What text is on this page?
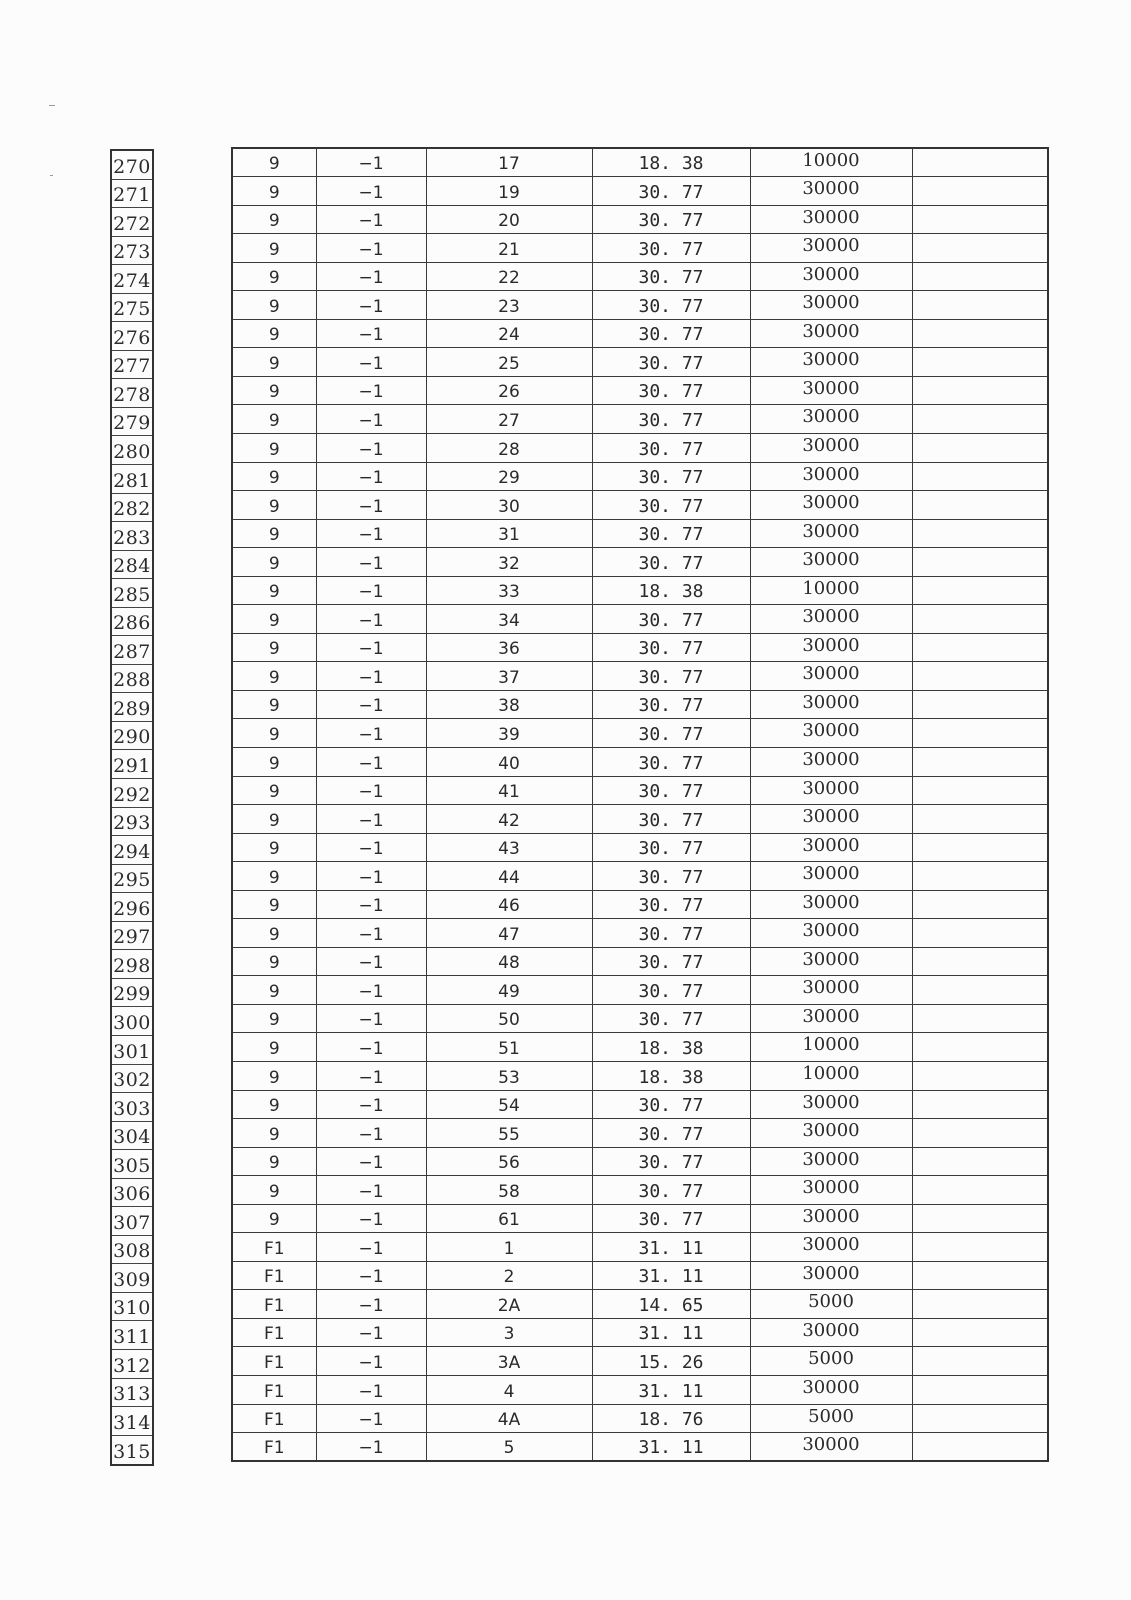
270
271
272
273
274
275
276
277
278
279
280
281
282
283
284
285
286
287
288
289
290
291
292
293
294
295
296
297
298
299
300
301
302
303
304
305
306
307
308
309
310
311
312
313
314
315
9	−1	17	18. 38	10000	
9	−1	19	30. 77	30000	
9	−1	20	30. 77	30000	
9	−1	21	30. 77	30000	
9	−1	22	30. 77	30000	
9	−1	23	30. 77	30000	
9	−1	24	30. 77	30000	
9	−1	25	30. 77	30000	
9	−1	26	30. 77	30000	
9	−1	27	30. 77	30000	
9	−1	28	30. 77	30000	
9	−1	29	30. 77	30000	
9	−1	30	30. 77	30000	
9	−1	31	30. 77	30000	
9	−1	32	30. 77	30000	
9	−1	33	18. 38	10000	
9	−1	34	30. 77	30000	
9	−1	36	30. 77	30000	
9	−1	37	30. 77	30000	
9	−1	38	30. 77	30000	
9	−1	39	30. 77	30000	
9	−1	40	30. 77	30000	
9	−1	41	30. 77	30000	
9	−1	42	30. 77	30000	
9	−1	43	30. 77	30000	
9	−1	44	30. 77	30000	
9	−1	46	30. 77	30000	
9	−1	47	30. 77	30000	
9	−1	48	30. 77	30000	
9	−1	49	30. 77	30000	
9	−1	50	30. 77	30000	
9	−1	51	18. 38	10000	
9	−1	53	18. 38	10000	
9	−1	54	30. 77	30000	
9	−1	55	30. 77	30000	
9	−1	56	30. 77	30000	
9	−1	58	30. 77	30000	
9	−1	61	30. 77	30000	
F1	−1	1	31. 11	30000	
F1	−1	2	31. 11	30000	
F1	−1	2A	14. 65	5000	
F1	−1	3	31. 11	30000	
F1	−1	3A	15. 26	5000	
F1	−1	4	31. 11	30000	
F1	−1	4A	18. 76	5000	
F1	−1	5	31. 11	30000	
